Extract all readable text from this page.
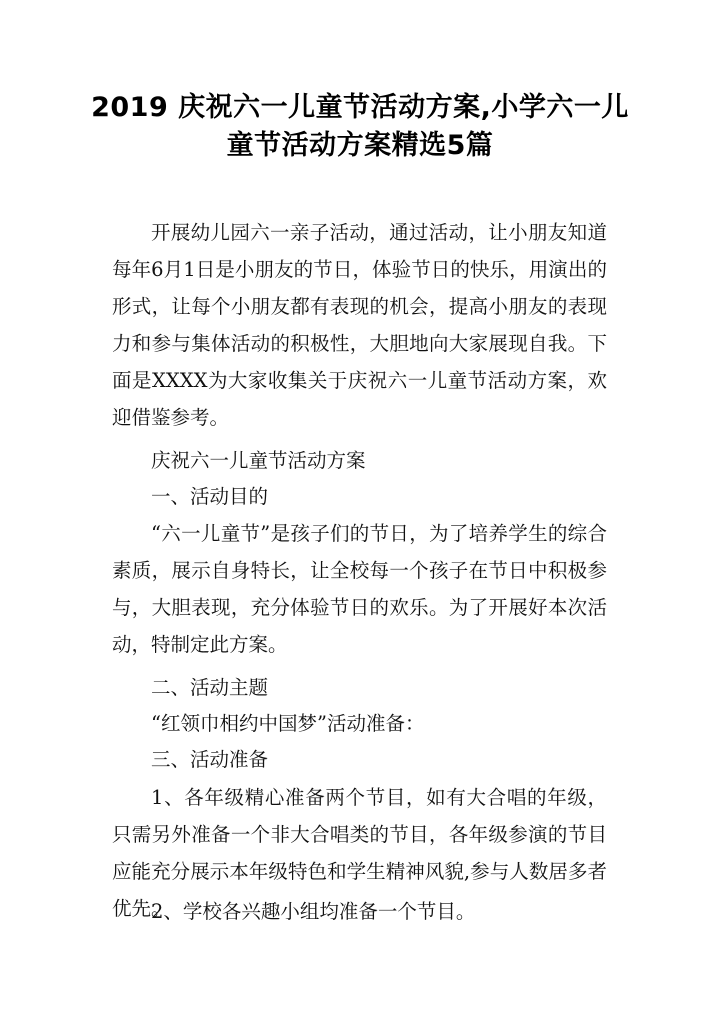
2019 庆祝六一儿童节活动方案,小学六一儿
童节活动方案精选5篇
开展幼儿园六一亲子活动，通过活动，让小朋友知道每年6月1日是小朋友的节日，体验节日的快乐，用演出的形式，让每个小朋友都有表现的机会，提高小朋友的表现力和参与集体活动的积极性，大胆地向大家展现自我。下面是XXXX为大家收集关于庆祝六一儿童节活动方案，欢迎借鉴参考。
庆祝六一儿童节活动方案
一、活动目的
“六一儿童节”是孩子们的节日，为了培养学生的综合素质，展示自身特长，让全校每一个孩子在节日中积极参与，大胆表现，充分体验节日的欢乐。为了开展好本次活动，特制定此方案。
二、活动主题
“红领巾相约中国梦”活动准备：
三、活动准备
1、各年级精心准备两个节目，如有大合唱的年级，只需另外准备一个非大合唱类的节目，各年级参演的节目应能充分展示本年级特色和学生精神风貌,参与人数居多者优先。
2、学校各兴趣小组均准备一个节目。
